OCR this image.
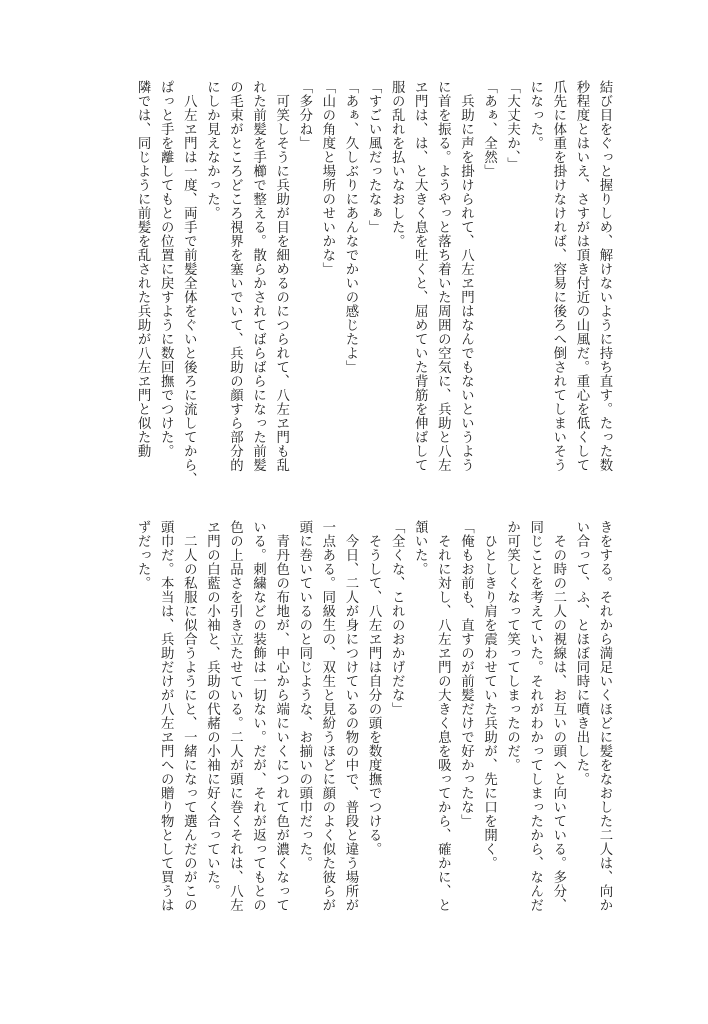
結び目をぐっと握りしめ、解けないように持ち直す。たった数
秒程度とはいえ、さすがは頂き付近の山風だ。重心を低くして
爪先に体重を掛けなければ、容易に後ろへ倒されてしまいそう
になった。
「大丈夫か、」
「あぁ、全然」
　兵助に声を掛けられて、八左ヱ門はなんでもないというよう
に首を振る。ようやっと落ち着いた周囲の空気に、兵助と八左
ヱ門は、は、と大きく息を吐くと、屈めていた背筋を伸ばして
服の乱れを払いなおした。
「すごい風だったなぁ」
「あぁ、久しぶりにあんなでかいの感じたよ」
「山の角度と場所のせいかな」
「多分ね」
　可笑しそうに兵助が目を細めるのにつられて、八左ヱ門も乱
れた前髪を手櫛で整える。散らかされてばらばらになった前髪
の毛束がところどころ視界を塞いでいて、兵助の顔すら部分的
にしか見えなかった。
　八左ヱ門は一度、両手で前髪全体をぐいと後ろに流してから、
ぱっと手を離してもとの位置に戻すように数回撫でつけた。
隣では、同じように前髪を乱された兵助が八左ヱ門と似た動
きをする。それから満足いくほどに髪をなおした二人は、向か
い合って、ふ、とほぼ同時に噴き出した。
　その時の二人の視線は、お互いの頭へと向いている。多分、
同じことを考えていた。それがわかってしまったから、なんだ
か可笑しくなって笑ってしまったのだ。
　ひとしきり肩を震わせていた兵助が、先に口を開く。
「俺もお前も、直すのが前髪だけで好かったな」
　それに対し、八左ヱ門の大きく息を吸ってから、確かに、と
頷いた。
「全くな、これのおかげだな」
　そうして、八左ヱ門は自分の頭を数度撫でつける。
　今日、二人が身につけているの物の中で、普段と違う場所が
一点ある。同級生の、双生と見紛うほどに顔のよく似た彼らが
頭に巻いているのと同じような、お揃いの頭巾だった。
　青丹色の布地が、中心から端にいくにつれて色が濃くなって
いる。刺繍などの装飾は一切ない。だが、それが返ってもとの
色の上品さを引き立たせている。二人が頭に巻くそれは、八左
ヱ門の白藍の小袖と、兵助の代赭の小袖に好く合っていた。
　二人の私服に似合うようにと、一緒になって選んだのがこの
頭巾だ。本当は、兵助だけが八左ヱ門への贈り物として買うは
ずだった。
